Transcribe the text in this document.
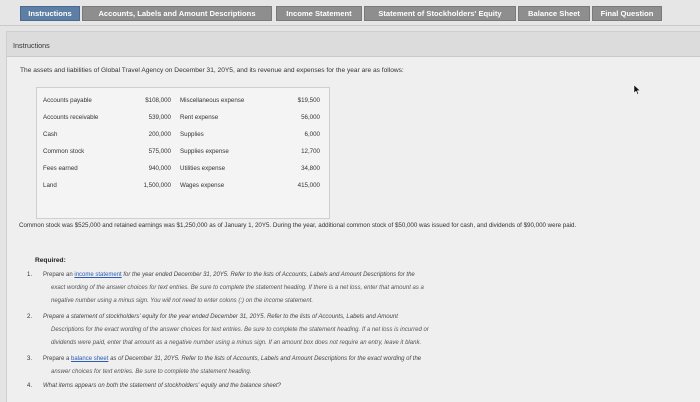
Instructions	Accounts, Labels and Amount Descriptions	Income Statement	Statement of Stockholders' Equity	Balance Sheet	Final Question
Instructions
The assets and liabilities of Global Travel Agency on December 31, 20Y5, and its revenue and expenses for the year are as follows:
Accounts payable	$108,000 Miscellaneous expense	$19,500
Accounts receivable	539,000 Rent expense	56,000
Cash	200,000 Supplies	6,000
Common stock	575,000 Supplies expense	12,700
Fees earned	940,000 Utilities expense	34,800
Land	1,500,000 Wages expense	415,000
Common stock was $525,000 and retained earnings was $1,250,000 as of January 1, 20Y5. During the year, additional common stock of $50,000 was issued for cash, and dividends of $90,000 were paid.
Required:
1. Prepare an income statement for the year ended December 31, 20Y5. Refer to the lists of Accounts, Labels and Amount Descriptions for the
exact wording of the answer choices for text entries. Be sure to complete the statement heading. If there is a net loss, enter that amount as a
negative number using a minus sign. You will not need to enter colons (:) on the income statement.
2. Prepare a statement of stockholders' equity for the year ended December 31, 20Y5. Refer to the lists of Accounts, Labels and Amount
Descriptions for the exact wording of the answer choices for text entries. Be sure to complete the statement heading. If a net loss is incurred or
dividends were paid, enter that amount as a negative number using a minus sign. If an amount box does not require an entry, leave it blank.
3. Prepare a balance sheet as of December 31, 20Y5. Refer to the lists of Accounts, Labels and Amount Descriptions for the exact wording of the
answer choices for text entries. Be sure to complete the statement heading.
4. What items appears on both the statement of stockholders' equity and the balance sheet?
